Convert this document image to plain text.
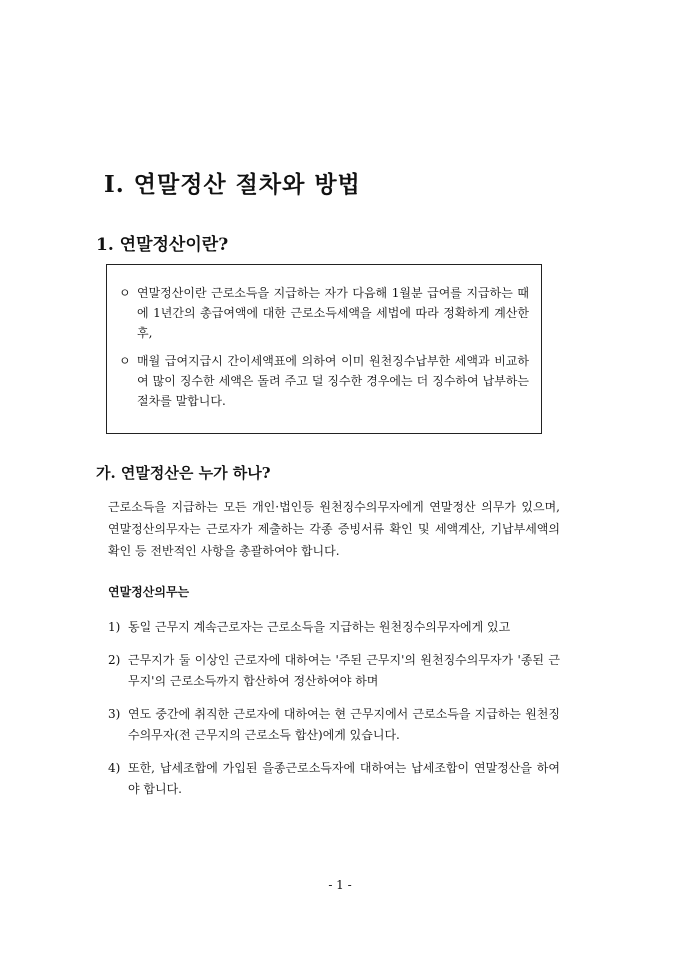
Ⅰ. 연말정산 절차와 방법
1. 연말정산이란?
ㅇ 연말정산이란 근로소득을 지급하는 자가 다음해 1월분 급여를 지급하는 때에 1년간의 총급여액에 대한 근로소득세액을 세법에 따라 정확하게 계산한 후,
ㅇ 매월 급여지급시 간이세액표에 의하여 이미 원천징수납부한 세액과 비교하여 많이 징수한 세액은 돌려 주고 덜 징수한 경우에는 더 징수하여 납부하는 절차를 말합니다.
가. 연말정산은 누가 하나?
근로소득을 지급하는 모든 개인·법인등 원천징수의무자에게 연말정산 의무가 있으며, 연말정산의무자는 근로자가 제출하는 각종 증빙서류 확인 및 세액계산, 기납부세액의 확인 등 전반적인 사항을 총괄하여야 합니다.
연말정산의무는
1) 동일 근무지 계속근로자는 근로소득을 지급하는 원천징수의무자에게 있고
2) 근무지가 둘 이상인 근로자에 대하여는 '주된 근무지'의 원천징수의무자가 '종된 근무지'의 근로소득까지 합산하여 정산하여야 하며
3) 연도 중간에 취직한 근로자에 대하여는 현 근무지에서 근로소득을 지급하는 원천징수의무자(전 근무지의 근로소득 합산)에게 있습니다.
4) 또한, 납세조합에 가입된 을종근로소득자에 대하여는 납세조합이 연말정산을 하여야 합니다.
- 1 -
